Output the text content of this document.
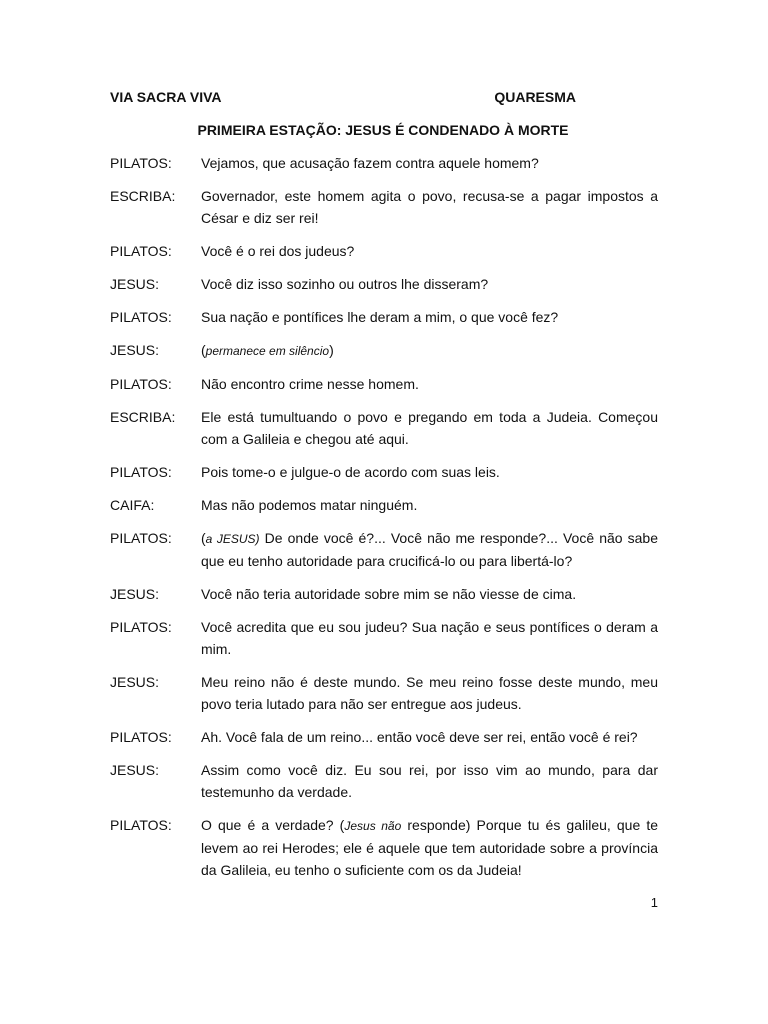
VIA SACRA VIVA	QUARESMA
PRIMEIRA ESTAÇÃO: JESUS É CONDENADO À MORTE
PILATOS:	Vejamos, que acusação fazem contra aquele homem?
ESCRIBA:	Governador, este homem agita o povo, recusa-se a pagar impostos a César e diz ser rei!
PILATOS:	Você é o rei dos judeus?
JESUS:	Você diz isso sozinho ou outros lhe disseram?
PILATOS:	Sua nação e pontífices lhe deram a mim, o que você fez?
JESUS:	(permanece em silêncio)
PILATOS:	Não encontro crime nesse homem.
ESCRIBA:	Ele está tumultuando o povo e pregando em toda a Judeia. Começou com a Galileia e chegou até aqui.
PILATOS:	Pois tome-o e julgue-o de acordo com suas leis.
CAIFA:	Mas não podemos matar ninguém.
PILATOS:	(a JESUS) De onde você é?... Você não me responde?... Você não sabe que eu tenho autoridade para crucificá-lo ou para libertá-lo?
JESUS:	Você não teria autoridade sobre mim se não viesse de cima.
PILATOS:	Você acredita que eu sou judeu? Sua nação e seus pontífices o deram a mim.
JESUS:	Meu reino não é deste mundo. Se meu reino fosse deste mundo, meu povo teria lutado para não ser entregue aos judeus.
PILATOS:	Ah. Você fala de um reino... então você deve ser rei, então você é rei?
JESUS:	Assim como você diz. Eu sou rei, por isso vim ao mundo, para dar testemunho da verdade.
PILATOS:	O que é a verdade? (Jesus não responde) Porque tu és galileu, que te levem ao rei Herodes; ele é aquele que tem autoridade sobre a província da Galileia, eu tenho o suficiente com os da Judeia!
1
